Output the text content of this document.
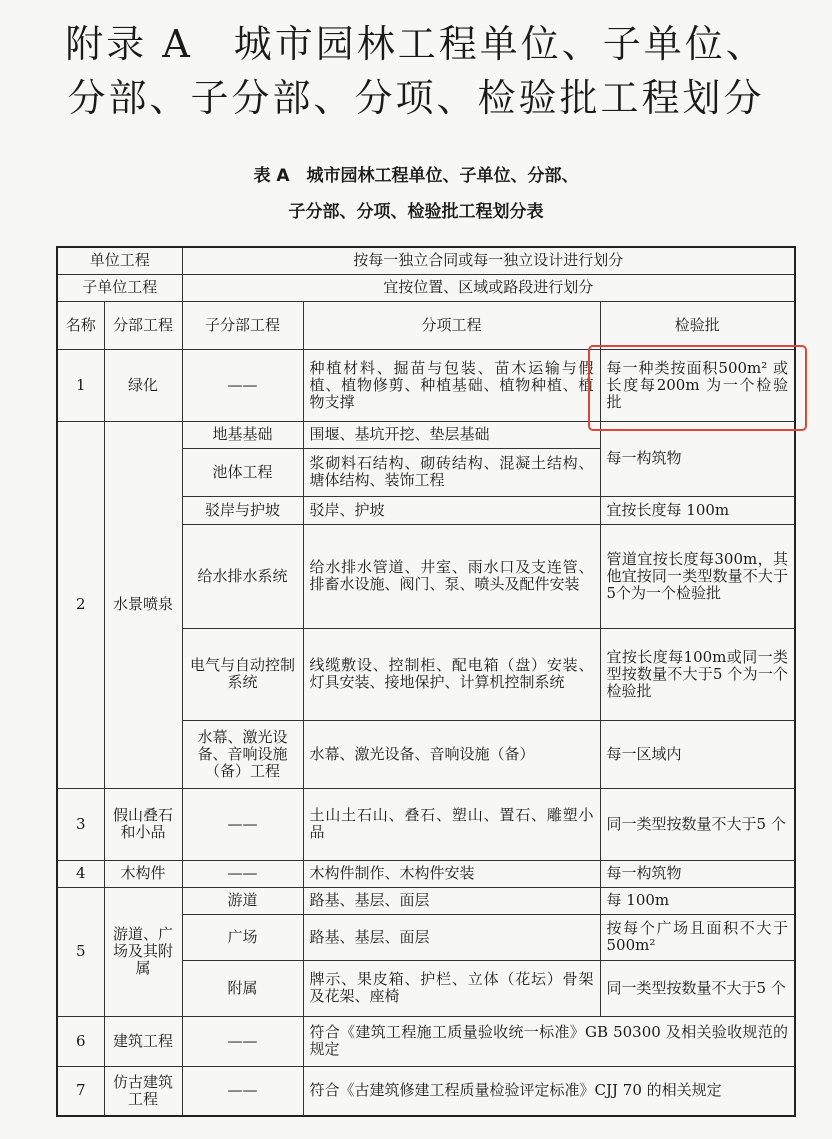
附录 A　城市园林工程单位、子单位、
分部、子分部、分项、检验批工程划分
表 A　城市园林工程单位、子单位、分部、
子分部、分项、检验批工程划分表
单位工程		按每一独立合同或每一独立设计进行划分		
子单位工程		宜按位置、区域或路段进行划分		
名称	分部工程	子分部工程	分项工程	检验批
1	绿化	——	种植材料、掘苗与包装、苗木运输与假植、植物修剪、种植基础、植物种植、植物支撑	每一种类按面积500m² 或长度每200m 为一个检验批
2	水景喷泉	地基基础	围堰、基坑开挖、垫层基础	每一构筑物
		池体工程	浆砌料石结构、砌砖结构、混凝土结构、塘体结构、装饰工程	
		驳岸与护坡	驳岸、护坡	宜按长度每 100m
		给水排水系统	给水排水管道、井室、雨水口及支连管、排畜水设施、阀门、泵、喷头及配件安装	管道宜按长度每300m，其他宜按同一类型数量不大于5个为一个检验批
		电气与自动控制系统	线缆敷设、控制柜、配电箱（盘）安装、灯具安装、接地保护、计算机控制系统	宜按长度每100m或同一类型按数量不大于5 个为一个检验批
		水幕、激光设备、音响设施（备）工程	水幕、激光设备、音响设施（备）	每一区域内
3	假山叠石和小品	——	土山土石山、叠石、塑山、置石、雕塑小品	同一类型按数量不大于5 个
4	木构件	——	木构件制作、木构件安装	每一构筑物
5	游道、广场及其附属	游道	路基、基层、面层	每 100m
		广场	路基、基层、面层	按每个广场且面积不大于500m²
		附属	牌示、果皮箱、护栏、立体（花坛）骨架及花架、座椅	同一类型按数量不大于5 个
6	建筑工程	——	符合《建筑工程施工质量验收统一标准》GB 50300 及相关验收规范的规定	
7	仿古建筑工程	——	符合《古建筑修建工程质量检验评定标准》CJJ 70 的相关规定	
